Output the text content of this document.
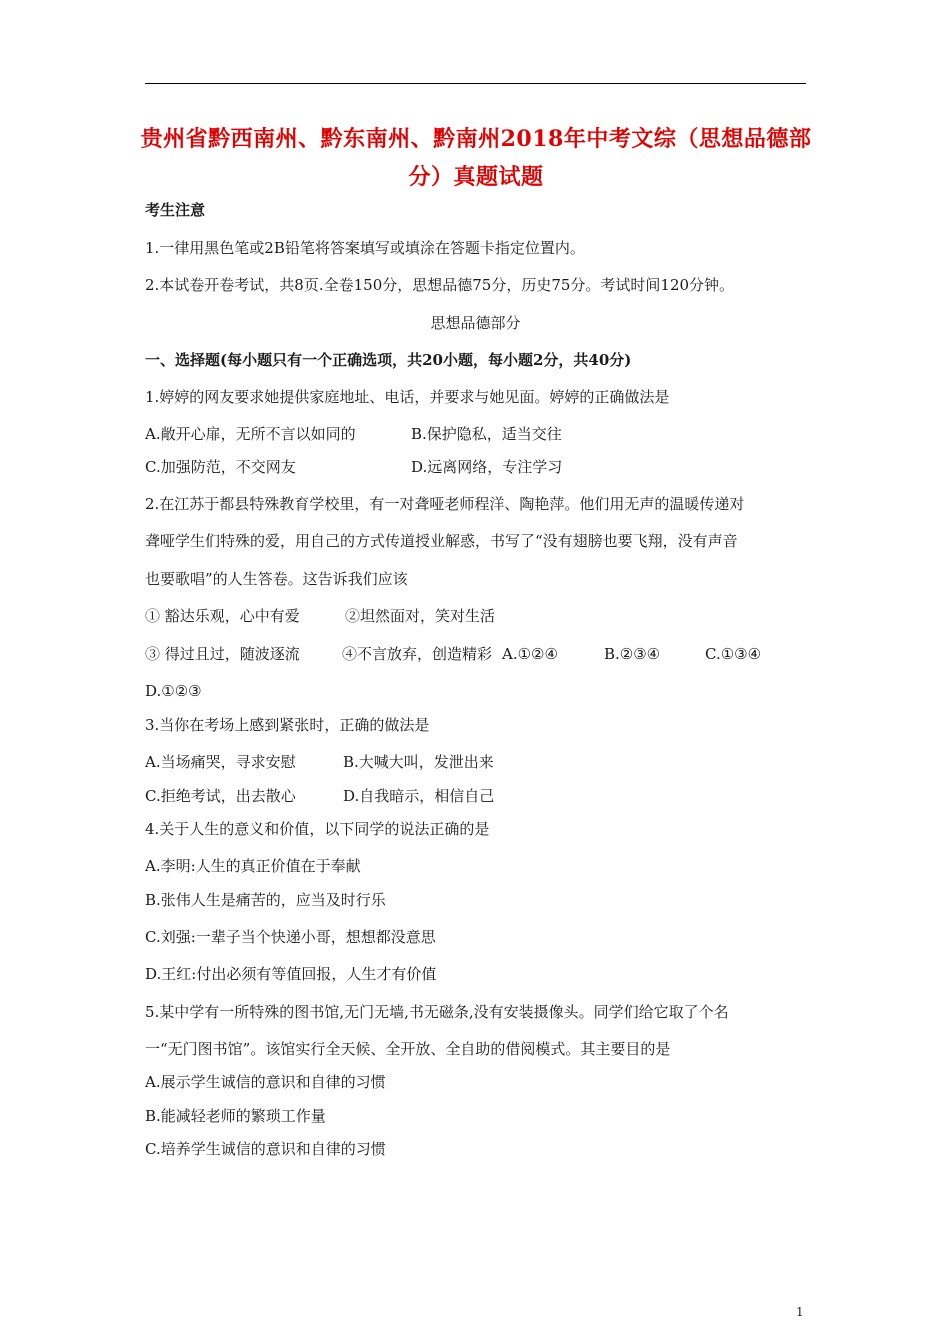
贵州省黔西南州、黔东南州、黔南州2018年中考文综（思想品德部
分）真题试题
考生注意
1.一律用黑色笔或2B铅笔将答案填写或填涂在答题卡指定位置内。
2.本试卷开卷考试，共8页.全卷150分，思想品德75分，历史75分。考试时间120分钟。
思想品德部分
一、选择题(每小题只有一个正确选项，共20小题，每小题2分，共40分)
1.婷婷的网友要求她提供家庭地址、电话，并要求与她见面。婷婷的正确做法是
A.敞开心扉，无所不言以如同的	B.保护隐私，适当交往
C.加强防范，不交网友	D.远离网络，专注学习
2.在江苏于都县特殊教育学校里，有一对聋哑老师程洋、陶艳萍。他们用无声的温暖传递对
聋哑学生们特殊的爱，用自己的方式传道授业解惑，书写了“没有翅膀也要飞翔，没有声音
也要歌唱”的人生答卷。这告诉我们应该
① 豁达乐观，心中有爱	②坦然面对，笑对生活
③ 得过且过，随波逐流	④不言放弃，创造精彩 A.①②④	B.②③④	C.①③④
D.①②③
3.当你在考场上感到紧张时，正确的做法是
A.当场痛哭，寻求安慰	B.大喊大叫，发泄出来
C.拒绝考试，出去散心	D.自我暗示，相信自己
4.关于人生的意义和价值，以下同学的说法正确的是
A.李明:人生的真正价值在于奉献
B.张伟人生是痛苦的，应当及时行乐
C.刘强:一辈子当个快递小哥，想想都没意思
D.王红:付出必须有等值回报，人生才有价值
5.某中学有一所特殊的图书馆,无门无墙,书无磁条,没有安装摄像头。同学们给它取了个名
一“无门图书馆”。该馆实行全天候、全开放、全自助的借阅模式。其主要目的是
A.展示学生诚信的意识和自律的习惯
B.能减轻老师的繁琐工作量
C.培养学生诚信的意识和自律的习惯
1
